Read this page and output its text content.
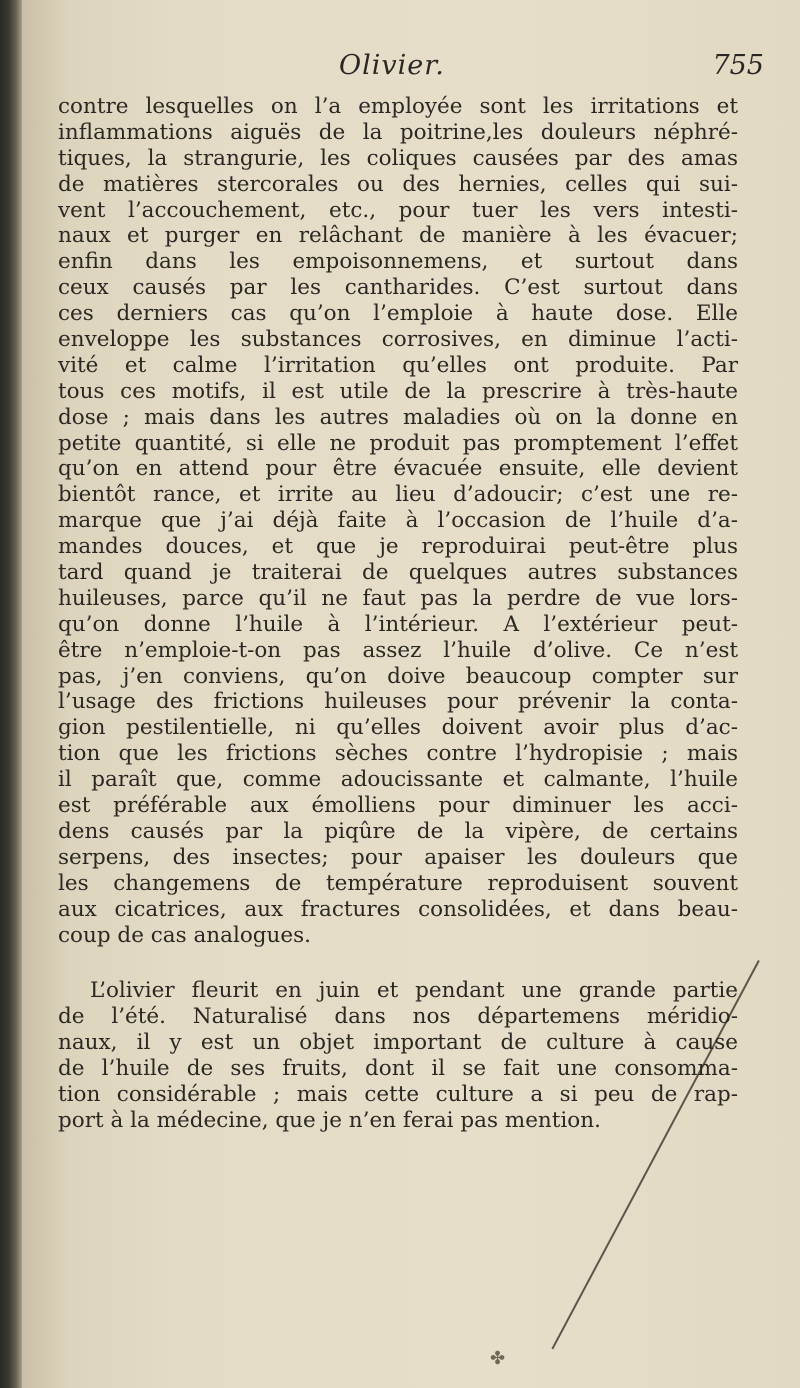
Olivier.	755
contre lesquelles on l’a employée sont les irritations et
inflammations aiguës de la poitrine,les douleurs néphré-
tiques, la strangurie, les coliques causées par des amas
de matières stercorales ou des hernies, celles qui sui-
vent l’accouchement, etc., pour tuer les vers intesti-
naux et purger en relâchant de manière à les évacuer;
enfin dans les empoisonnemens, et surtout dans
ceux causés par les cantharides. C’est surtout dans
ces derniers cas qu’on l’emploie à haute dose. Elle
enveloppe les substances corrosives, en diminue l’acti-
vité et calme l’irritation qu’elles ont produite. Par
tous ces motifs, il est utile de la prescrire à très-haute
dose ; mais dans les autres maladies où on la donne en
petite quantité, si elle ne produit pas promptement l’effet
qu’on en attend pour être évacuée ensuite, elle devient
bientôt rance, et irrite au lieu d’adoucir; c’est une re-
marque que j’ai déjà faite à l’occasion de l’huile d’a-
mandes douces, et que je reproduirai peut-être plus
tard quand je traiterai de quelques autres substances
huileuses, parce qu’il ne faut pas la perdre de vue lors-
qu’on donne l’huile à l’intérieur. A l’extérieur peut-
être n’emploie-t-on pas assez l’huile d’olive. Ce n’est
pas, j’en conviens, qu’on doive beaucoup compter sur
l’usage des frictions huileuses pour prévenir la conta-
gion pestilentielle, ni qu’elles doivent avoir plus d’ac-
tion que les frictions sèches contre l’hydropisie ; mais
il paraît que, comme adoucissante et calmante, l’huile
est préférable aux émolliens pour diminuer les acci-
dens causés par la piqûre de la vipère, de certains
serpens, des insectes; pour apaiser les douleurs que
les changemens de température reproduisent souvent
aux cicatrices, aux fractures consolidées, et dans beau-
coup de cas analogues.
L’olivier fleurit en juin et pendant une grande partie
de l’été. Naturalisé dans nos départemens méridio-
naux, il y est un objet important de culture à cause
de l’huile de ses fruits, dont il se fait une consomma-
tion considérable ; mais cette culture a si peu de rap-
port à la médecine, que je n’en ferai pas mention.
✤
